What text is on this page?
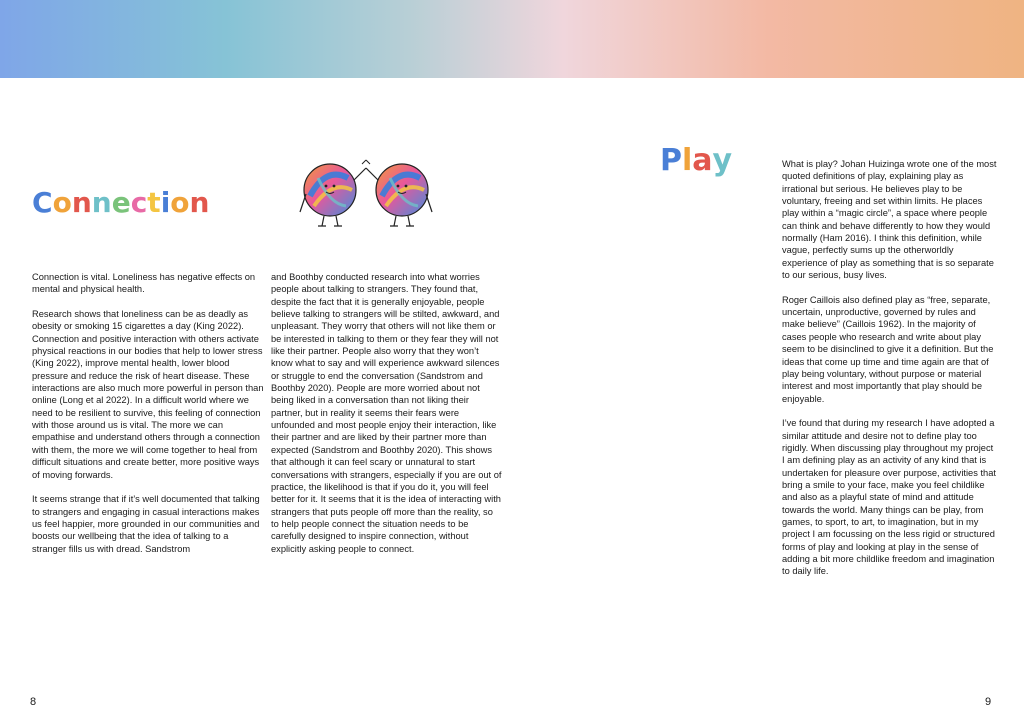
Connection
Play

Connection is vital. Loneliness has negative effects on mental and physical health.

Research shows that loneliness can be as deadly as obesity or smoking 15 cigarettes a day (King 2022). Connection and positive interaction with others activate physical reactions in our bodies that help to lower stress (King 2022), improve mental health, lower blood pressure and reduce the risk of heart disease. These interactions are also much more powerful in person than online (Long et al 2022). In a difficult world where we need to be resilient to survive, this feeling of connection with those around us is vital. The more we can empathise and understand others through a connection with them, the more we will come together to heal from difficult situations and create better, more positive ways of moving forwards.

It seems strange that if it’s well documented that talking to strangers and engaging in casual interactions makes us feel happier, more grounded in our communities and boosts our wellbeing that the idea of talking to a stranger fills us with dread. Sandstrom

and Boothby conducted research into what worries people about talking to strangers. They found that, despite the fact that it is generally enjoyable, people believe talking to strangers will be stilted, awkward, and unpleasant. They worry that others will not like them or be interested in talking to them or they fear they will not like their partner. People also worry that they won’t know what to say and will experience awkward silences or struggle to end the conversation (Sandstrom and Boothby 2020). People are more worried about not being liked in a conversation than not liking their partner, but in reality it seems their fears were unfounded and most people enjoy their interaction, like their partner and are liked by their partner more than expected (Sandstrom and Boothby 2020). This shows that although it can feel scary or unnatural to start conversations with strangers, especially if you are out of practice, the likelihood is that if you do it, you will feel better for it. It seems that it is the idea of interacting with strangers that puts people off more than the reality, so to help people connect the situation needs to be carefully designed to inspire connection, without explicitly asking people to connect.

What is play? Johan Huizinga wrote one of the most quoted definitions of play, explaining play as irrational but serious. He believes play to be voluntary, freeing and set within limits. He places play within a “magic circle”, a space where people can think and behave differently to how they would normally (Ham 2016). I think this definition, while vague, perfectly sums up the otherworldly experience of play as something that is so separate to our serious, busy lives.

Roger Caillois also defined play as “free, separate, uncertain, unproductive, governed by rules and make believe” (Caillois 1962). In the majority of cases people who research and write about play seem to be disinclined to give it a definition. But the ideas that come up time and time again are that of play being voluntary, without purpose or material interest and most importantly that play should be enjoyable.

I’ve found that during my research I have adopted a similar attitude and desire not to define play too rigidly. When discussing play throughout my project I am defining play as an activity of any kind that is undertaken for pleasure over purpose, activities that bring a smile to your face, make you feel childlike and also as a playful state of mind and attitude towards the world. Many things can be play, from games, to sport, to art, to imagination, but in my project I am focussing on the less rigid or structured forms of play and looking at play in the sense of adding a bit more childlike freedom and imagination to daily life.

8	9
